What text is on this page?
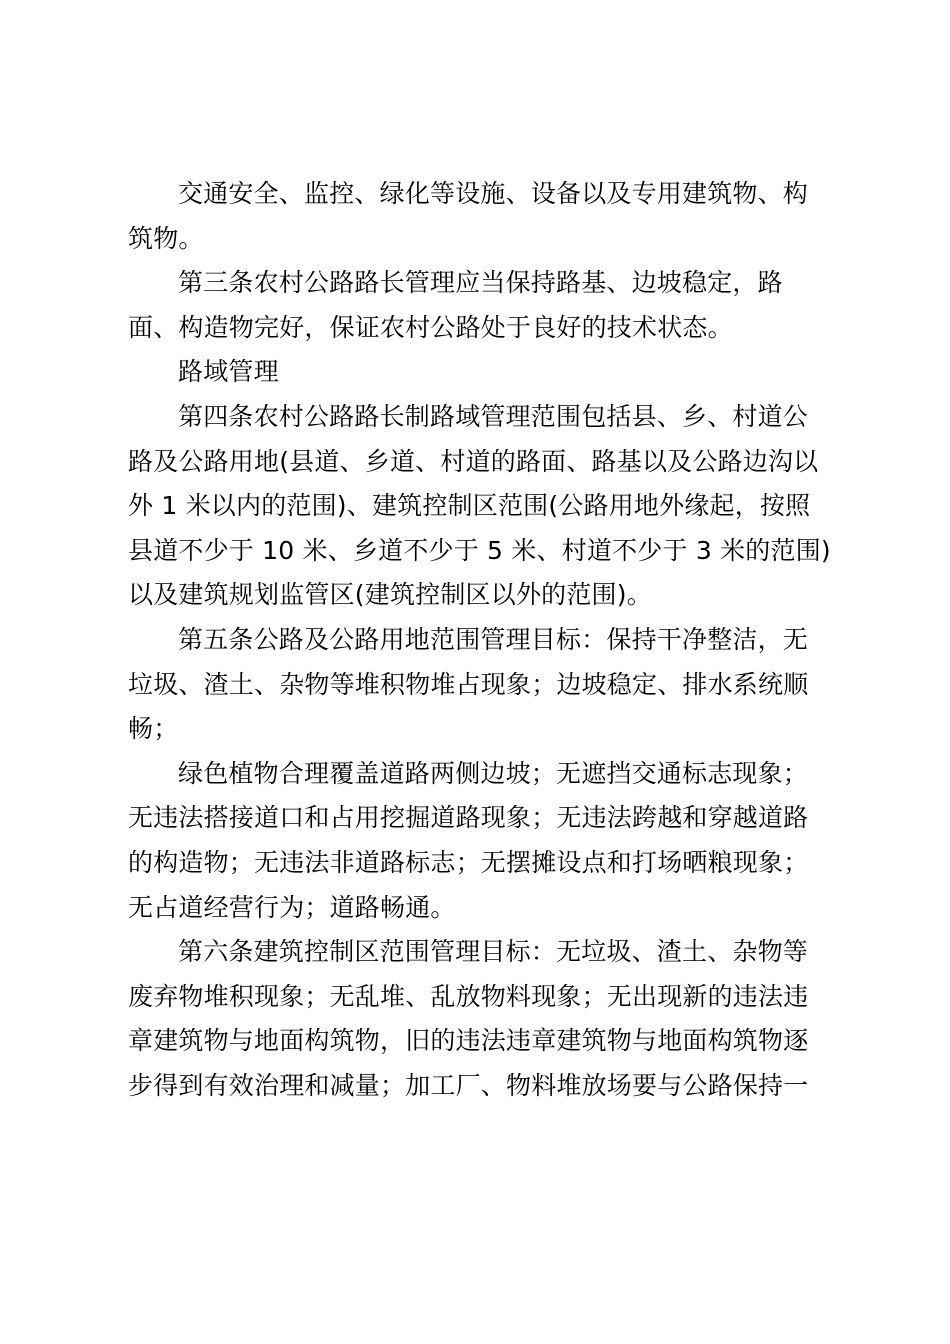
交通安全、监控、绿化等设施、设备以及专用建筑物、构
筑物。
第三条农村公路路长管理应当保持路基、边坡稳定，路
面、构造物完好，保证农村公路处于良好的技术状态。
路域管理
第四条农村公路路长制路域管理范围包括县、乡、村道公
路及公路用地(县道、乡道、村道的路面、路基以及公路边沟以
外 1 米以内的范围)、建筑控制区范围(公路用地外缘起，按照
县道不少于 10 米、乡道不少于 5 米、村道不少于 3 米的范围)
以及建筑规划监管区(建筑控制区以外的范围)。
第五条公路及公路用地范围管理目标：保持干净整洁，无
垃圾、渣土、杂物等堆积物堆占现象；边坡稳定、排水系统顺
畅；
绿色植物合理覆盖道路两侧边坡；无遮挡交通标志现象；
无违法搭接道口和占用挖掘道路现象；无违法跨越和穿越道路
的构造物；无违法非道路标志；无摆摊设点和打场晒粮现象；
无占道经营行为；道路畅通。
第六条建筑控制区范围管理目标：无垃圾、渣土、杂物等
废弃物堆积现象；无乱堆、乱放物料现象；无出现新的违法违
章建筑物与地面构筑物，旧的违法违章建筑物与地面构筑物逐
步得到有效治理和减量；加工厂、物料堆放场要与公路保持一
